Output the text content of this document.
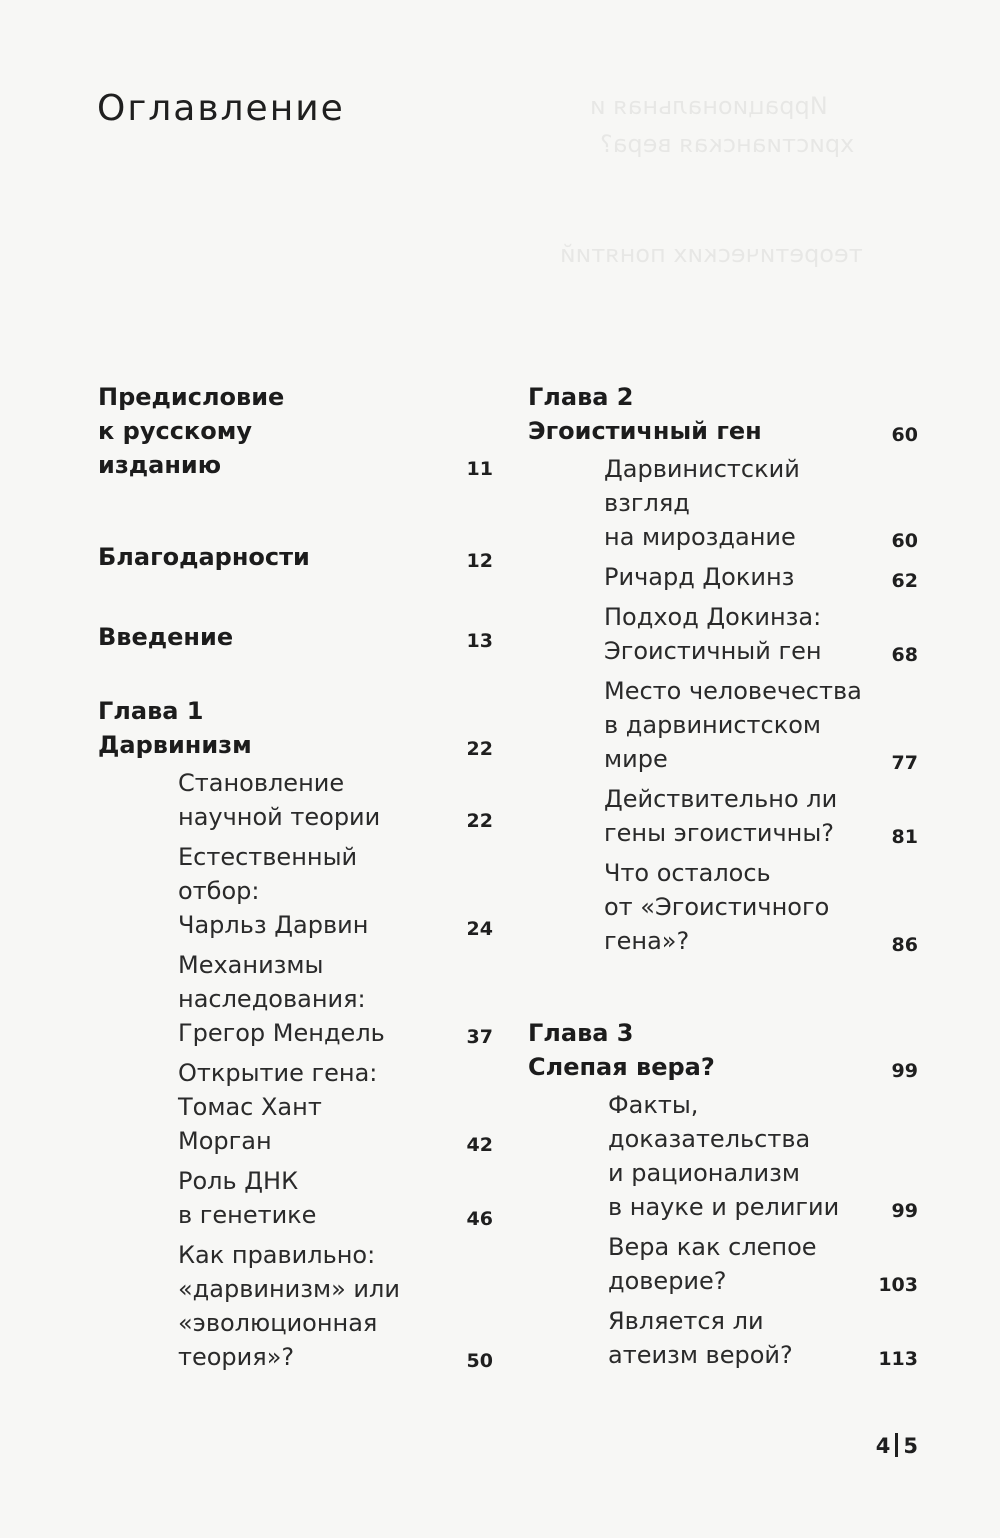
Иррациональная и
христианская вера?
теоретических понятий
Оглавление
Предисловие
к русскому
изданию	11
Благодарности	12
Введение	13
Глава 1
Дарвинизм	22
Становление
научной теории	22
Естественный
отбор:
Чарльз Дарвин	24
Механизмы
наследования:
Грегор Мендель	37
Открытие гена:
Томас Хант
Морган	42
Роль ДНК
в генетике	46
Как правильно:
«дарвинизм» или
«эволюционная
теория»?	50
Глава 2
Эгоистичный ген	60
Дарвинистский
взгляд
на мироздание	60
Ричард Докинз	62
Подход Докинза:
Эгоистичный ген	68
Место человечества
в дарвинистском
мире	77
Действительно ли
гены эгоистичны?	81
Что осталось
от «Эгоистичного
гена»?	86
Глава 3
Слепая вера?	99
Факты,
доказательства
и рационализм
в науке и религии	99
Вера как слепое
доверие?	103
Является ли
атеизм верой?	113
4 5
